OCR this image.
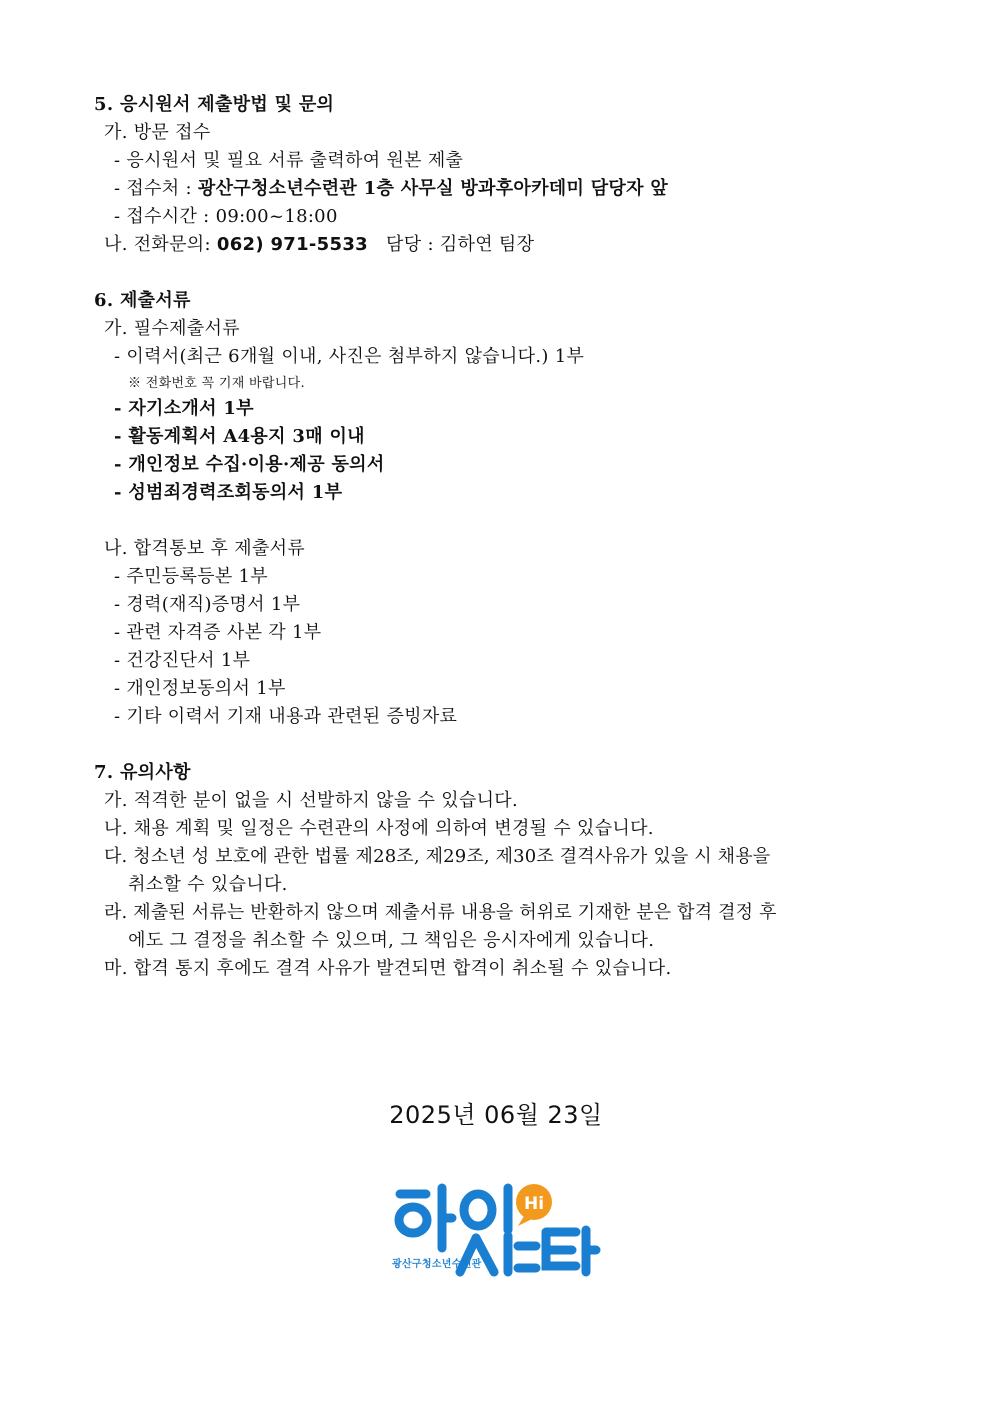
5. 응시원서 제출방법 및 문의
가. 방문 접수
- 응시원서 및 필요 서류 출력하여 원본 제출
- 접수처 : 광산구청소년수련관 1층 사무실 방과후아카데미 담당자 앞
- 접수시간 : 09:00~18:00
나. 전화문의: 062) 971-5533   담당 : 김하연 팀장
6. 제출서류
가. 필수제출서류
- 이력서(최근 6개월 이내, 사진은 첨부하지 않습니다.) 1부
※ 전화번호 꼭 기재 바랍니다.
- 자기소개서 1부
- 활동계획서 A4용지 3매 이내
- 개인정보 수집·이용·제공 동의서
- 성범죄경력조회동의서 1부
나. 합격통보 후 제출서류
- 주민등록등본 1부
- 경력(재직)증명서 1부
- 관련 자격증 사본 각 1부
- 건강진단서 1부
- 개인정보동의서 1부
- 기타 이력서 기재 내용과 관련된 증빙자료
7. 유의사항
가. 적격한 분이 없을 시 선발하지 않을 수 있습니다.
나. 채용 계획 및 일정은 수련관의 사정에 의하여 변경될 수 있습니다.
다. 청소년 성 보호에 관한 법률 제28조, 제29조, 제30조 결격사유가 있을 시 채용을
취소할 수 있습니다.
라. 제출된 서류는 반환하지 않으며 제출서류 내용을 허위로 기재한 분은 합격 결정 후
에도 그 결정을 취소할 수 있으며, 그 책임은 응시자에게 있습니다.
마. 합격 통지 후에도 결격 사유가 발견되면 합격이 취소될 수 있습니다.
2025년 06월 23일
Hi
광산구청소년수련관
